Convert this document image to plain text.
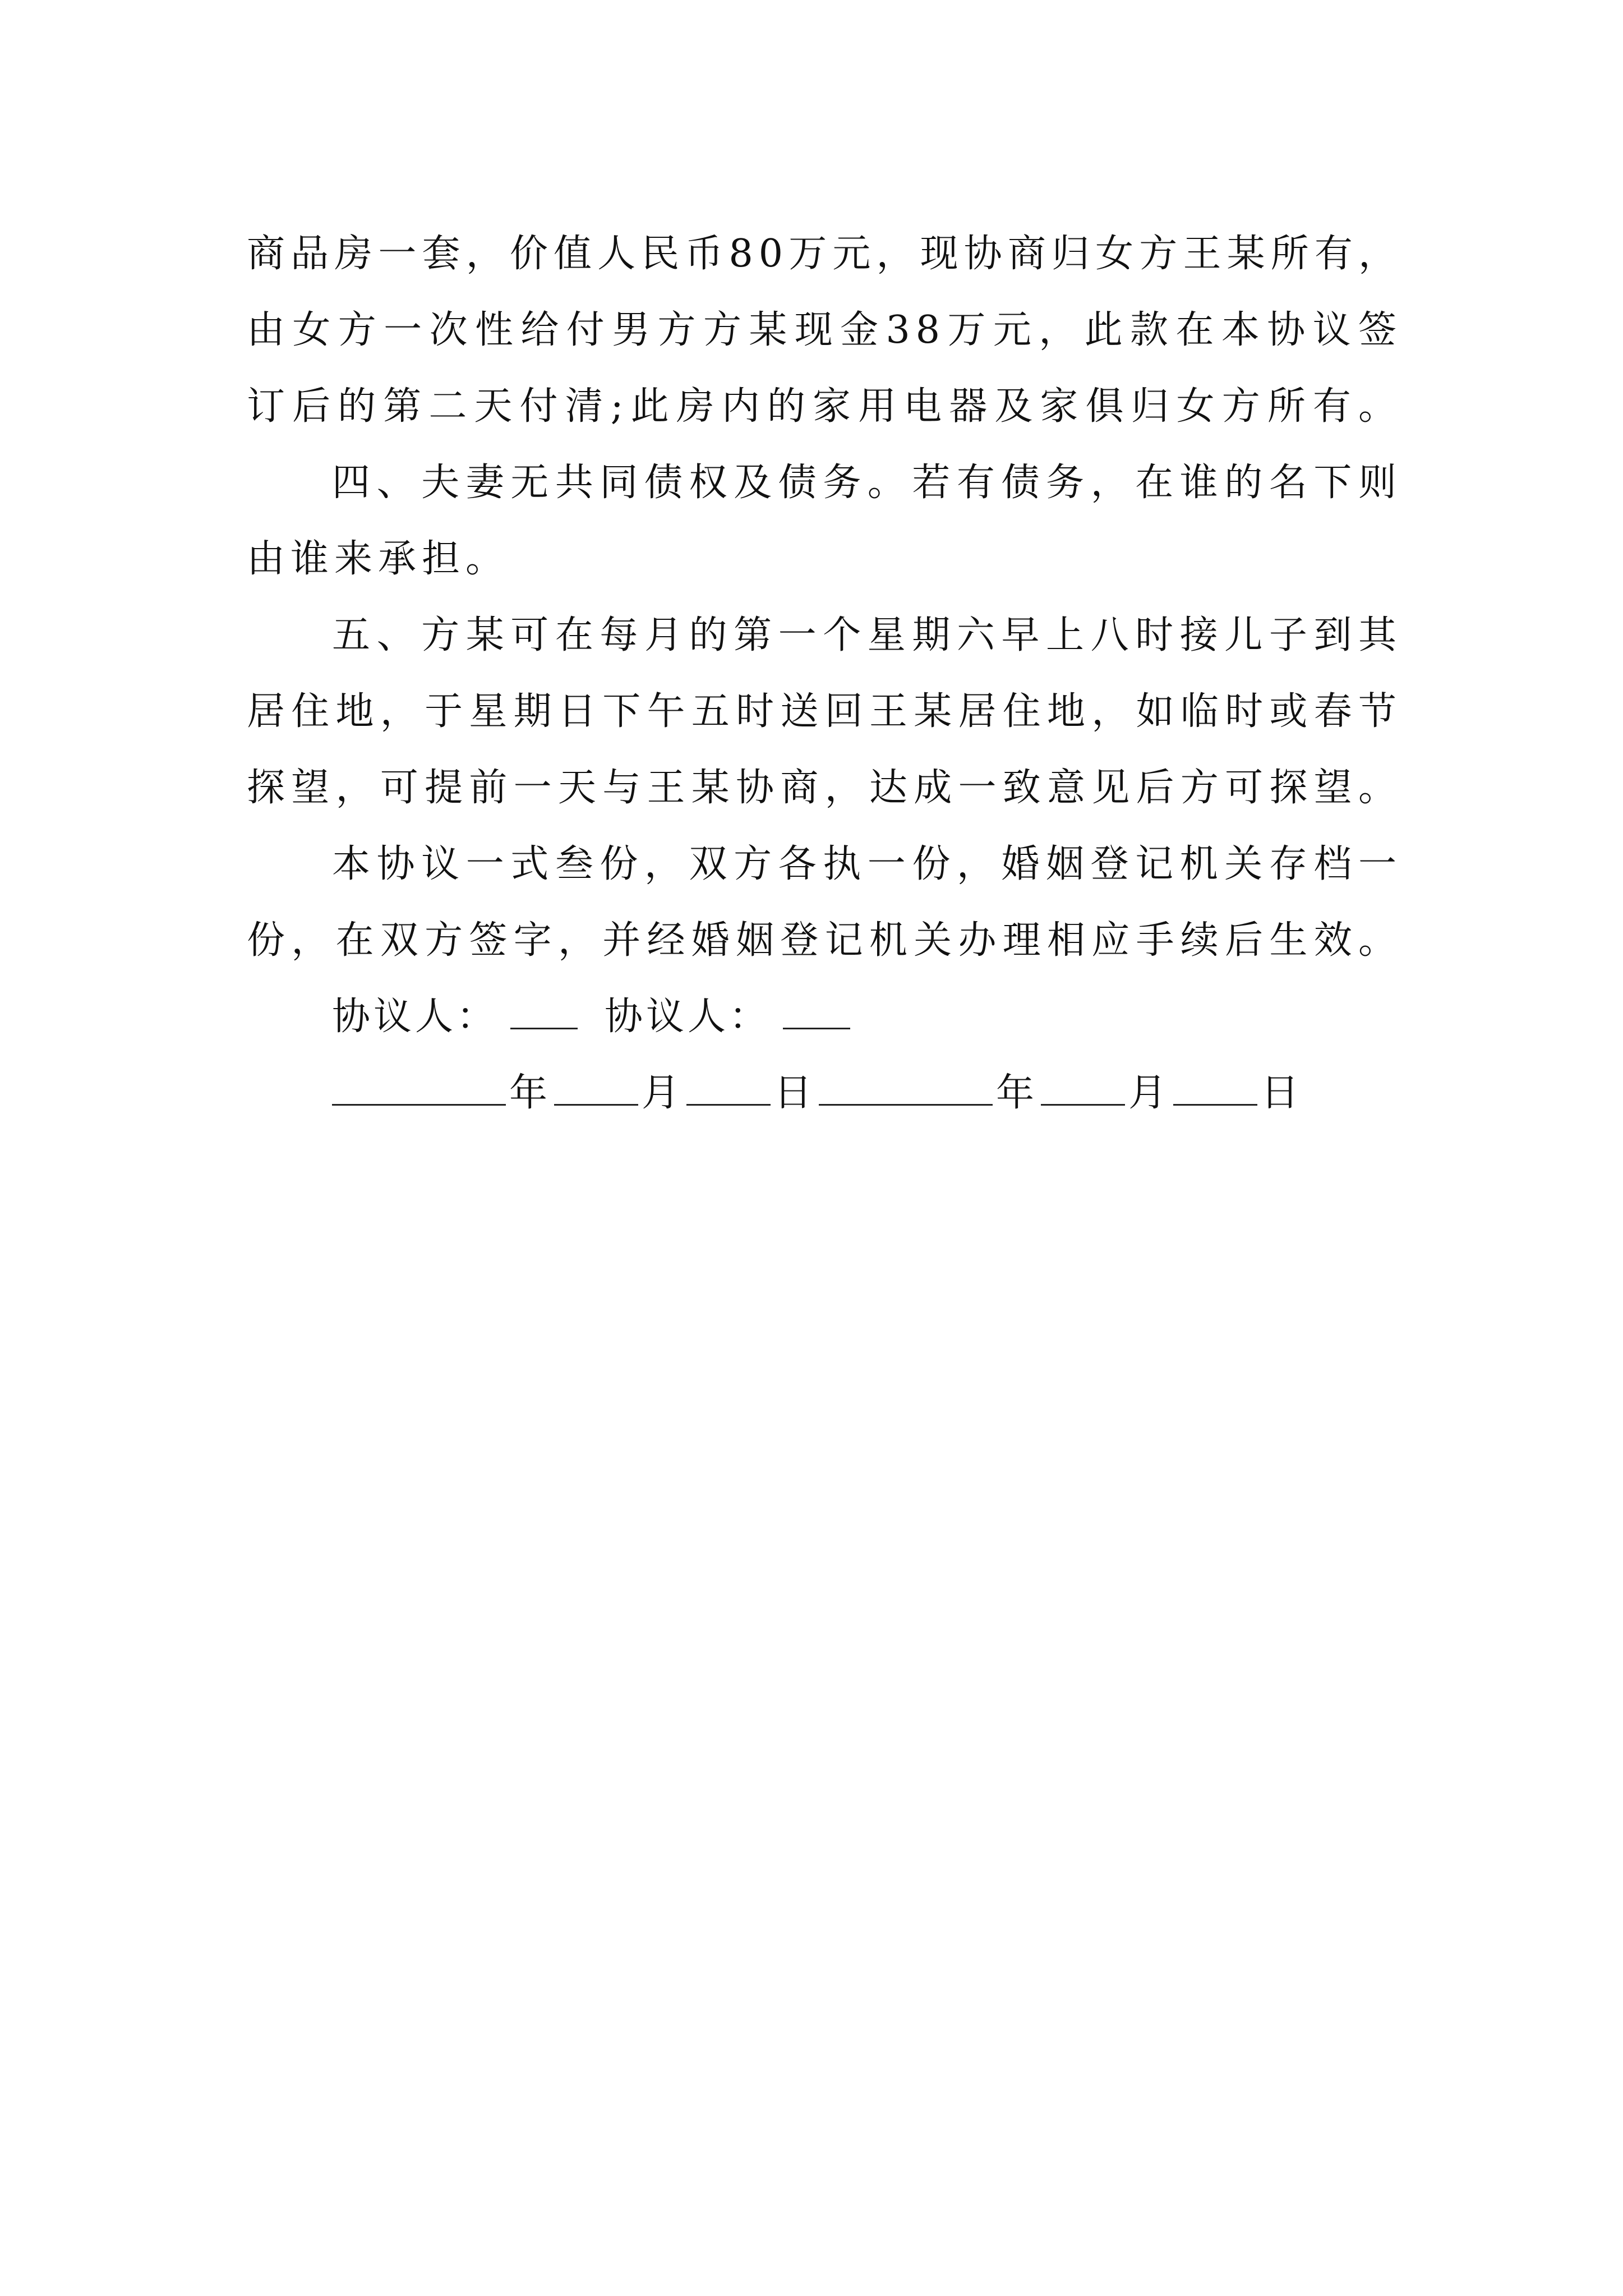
商品房一套，价值人民币80万元，现协商归女方王某所有，
由女方一次性给付男方方某现金38万元，此款在本协议签
订后的第二天付清;此房内的家用电器及家俱归女方所有。
四、夫妻无共同债权及债务。若有债务，在谁的名下则
由谁来承担。
五、方某可在每月的第一个星期六早上八时接儿子到其
居住地，于星期日下午五时送回王某居住地，如临时或春节
探望，可提前一天与王某协商，达成一致意见后方可探望。
本协议一式叁份，双方各执一份，婚姻登记机关存档一
份，在双方签字，并经婚姻登记机关办理相应手续后生效。
协议人：	协议人：
年 月 日	年 月 日
